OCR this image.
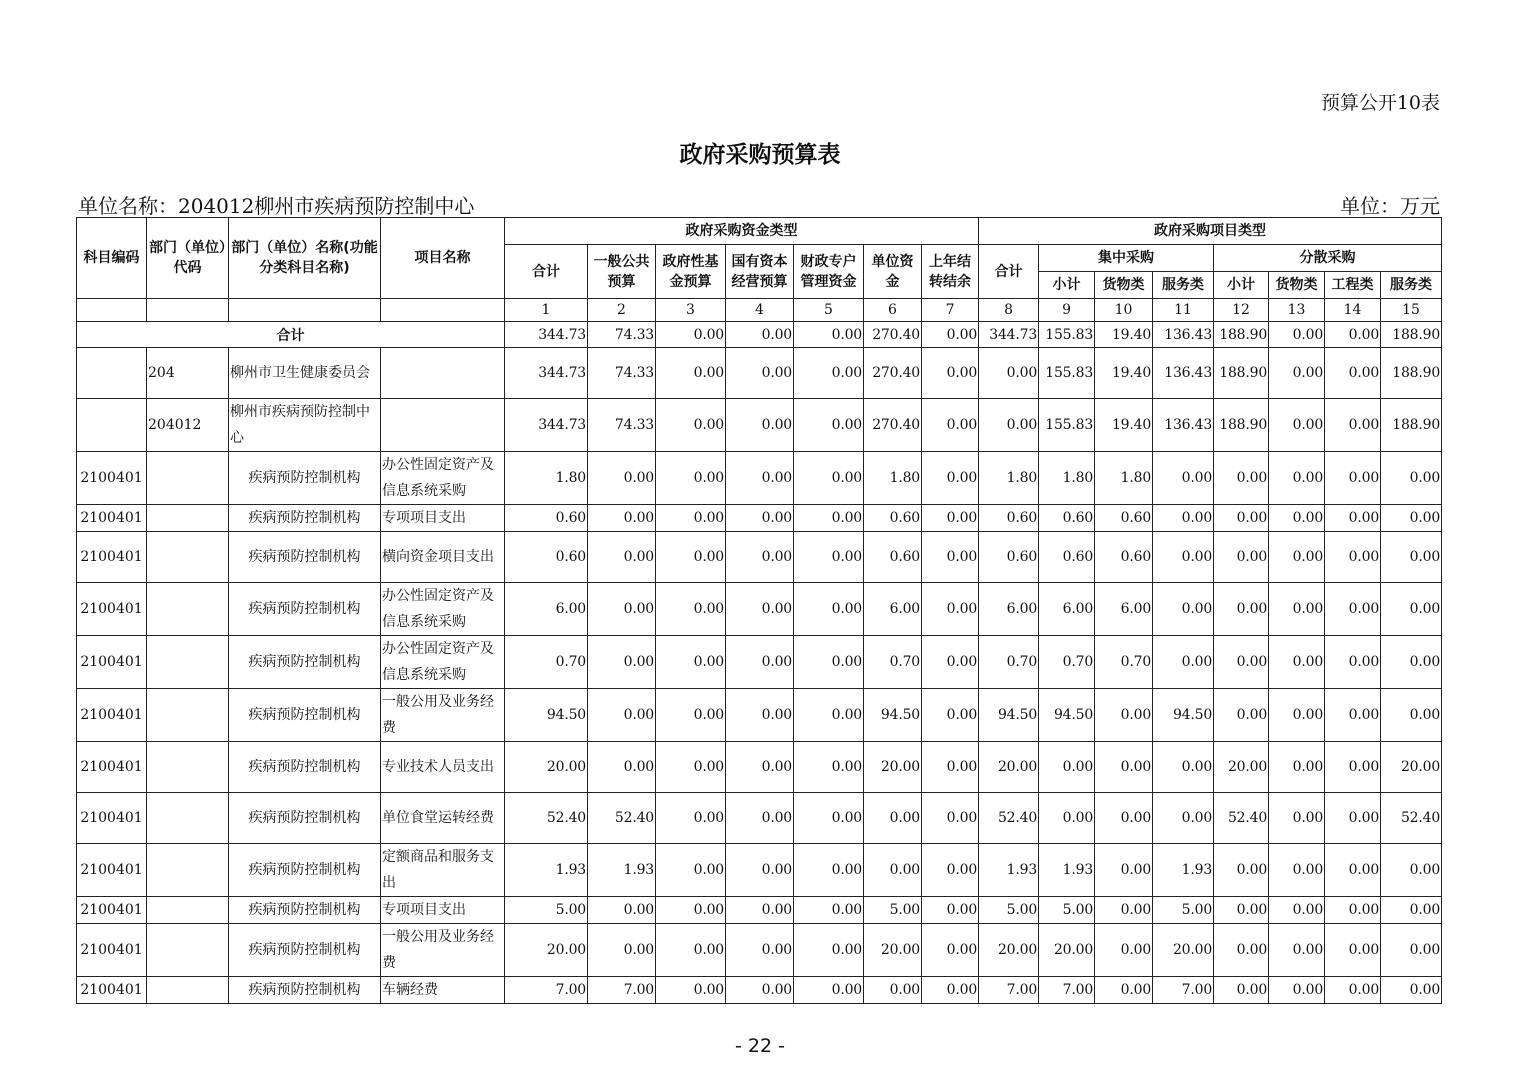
预算公开10表
政府采购预算表
单位名称：204012柳州市疾病预防控制中心	单位：万元
科目编码	部门（单位）代码	部门（单位）名称(功能分类科目名称)	项目名称	政府采购资金类型							政府采购项目类型							
				合计	一般公共预算	政府性基金预算	国有资本经营预算	财政专户管理资金	单位资金	上年结转结余	合计	集中采购			分散采购			
												小计	货物类	服务类	小计	货物类	工程类	服务类
				1	2	3	4	5	6	7	8	9	10	11	12	13	14	15
合计				344.73	74.33	0.00	0.00	0.00	270.40	0.00	344.73	155.83	19.40	136.43	188.90	0.00	0.00	188.90
	204	柳州市卫生健康委员会		344.73	74.33	0.00	0.00	0.00	270.40	0.00	0.00	155.83	19.40	136.43	188.90	0.00	0.00	188.90
	204012	柳州市疾病预防控制中心		344.73	74.33	0.00	0.00	0.00	270.40	0.00	0.00	155.83	19.40	136.43	188.90	0.00	0.00	188.90
2100401		疾病预防控制机构	办公性固定资产及信息系统采购	1.80	0.00	0.00	0.00	0.00	1.80	0.00	1.80	1.80	1.80	0.00	0.00	0.00	0.00	0.00
2100401		疾病预防控制机构	专项项目支出	0.60	0.00	0.00	0.00	0.00	0.60	0.00	0.60	0.60	0.60	0.00	0.00	0.00	0.00	0.00
2100401		疾病预防控制机构	横向资金项目支出	0.60	0.00	0.00	0.00	0.00	0.60	0.00	0.60	0.60	0.60	0.00	0.00	0.00	0.00	0.00
2100401		疾病预防控制机构	办公性固定资产及信息系统采购	6.00	0.00	0.00	0.00	0.00	6.00	0.00	6.00	6.00	6.00	0.00	0.00	0.00	0.00	0.00
2100401		疾病预防控制机构	办公性固定资产及信息系统采购	0.70	0.00	0.00	0.00	0.00	0.70	0.00	0.70	0.70	0.70	0.00	0.00	0.00	0.00	0.00
2100401		疾病预防控制机构	一般公用及业务经费	94.50	0.00	0.00	0.00	0.00	94.50	0.00	94.50	94.50	0.00	94.50	0.00	0.00	0.00	0.00
2100401		疾病预防控制机构	专业技术人员支出	20.00	0.00	0.00	0.00	0.00	20.00	0.00	20.00	0.00	0.00	0.00	20.00	0.00	0.00	20.00
2100401		疾病预防控制机构	单位食堂运转经费	52.40	52.40	0.00	0.00	0.00	0.00	0.00	52.40	0.00	0.00	0.00	52.40	0.00	0.00	52.40
2100401		疾病预防控制机构	定额商品和服务支出	1.93	1.93	0.00	0.00	0.00	0.00	0.00	1.93	1.93	0.00	1.93	0.00	0.00	0.00	0.00
2100401		疾病预防控制机构	专项项目支出	5.00	0.00	0.00	0.00	0.00	5.00	0.00	5.00	5.00	0.00	5.00	0.00	0.00	0.00	0.00
2100401		疾病预防控制机构	一般公用及业务经费	20.00	0.00	0.00	0.00	0.00	20.00	0.00	20.00	20.00	0.00	20.00	0.00	0.00	0.00	0.00
2100401		疾病预防控制机构	车辆经费	7.00	7.00	0.00	0.00	0.00	0.00	0.00	7.00	7.00	0.00	7.00	0.00	0.00	0.00	0.00
- 22 -
